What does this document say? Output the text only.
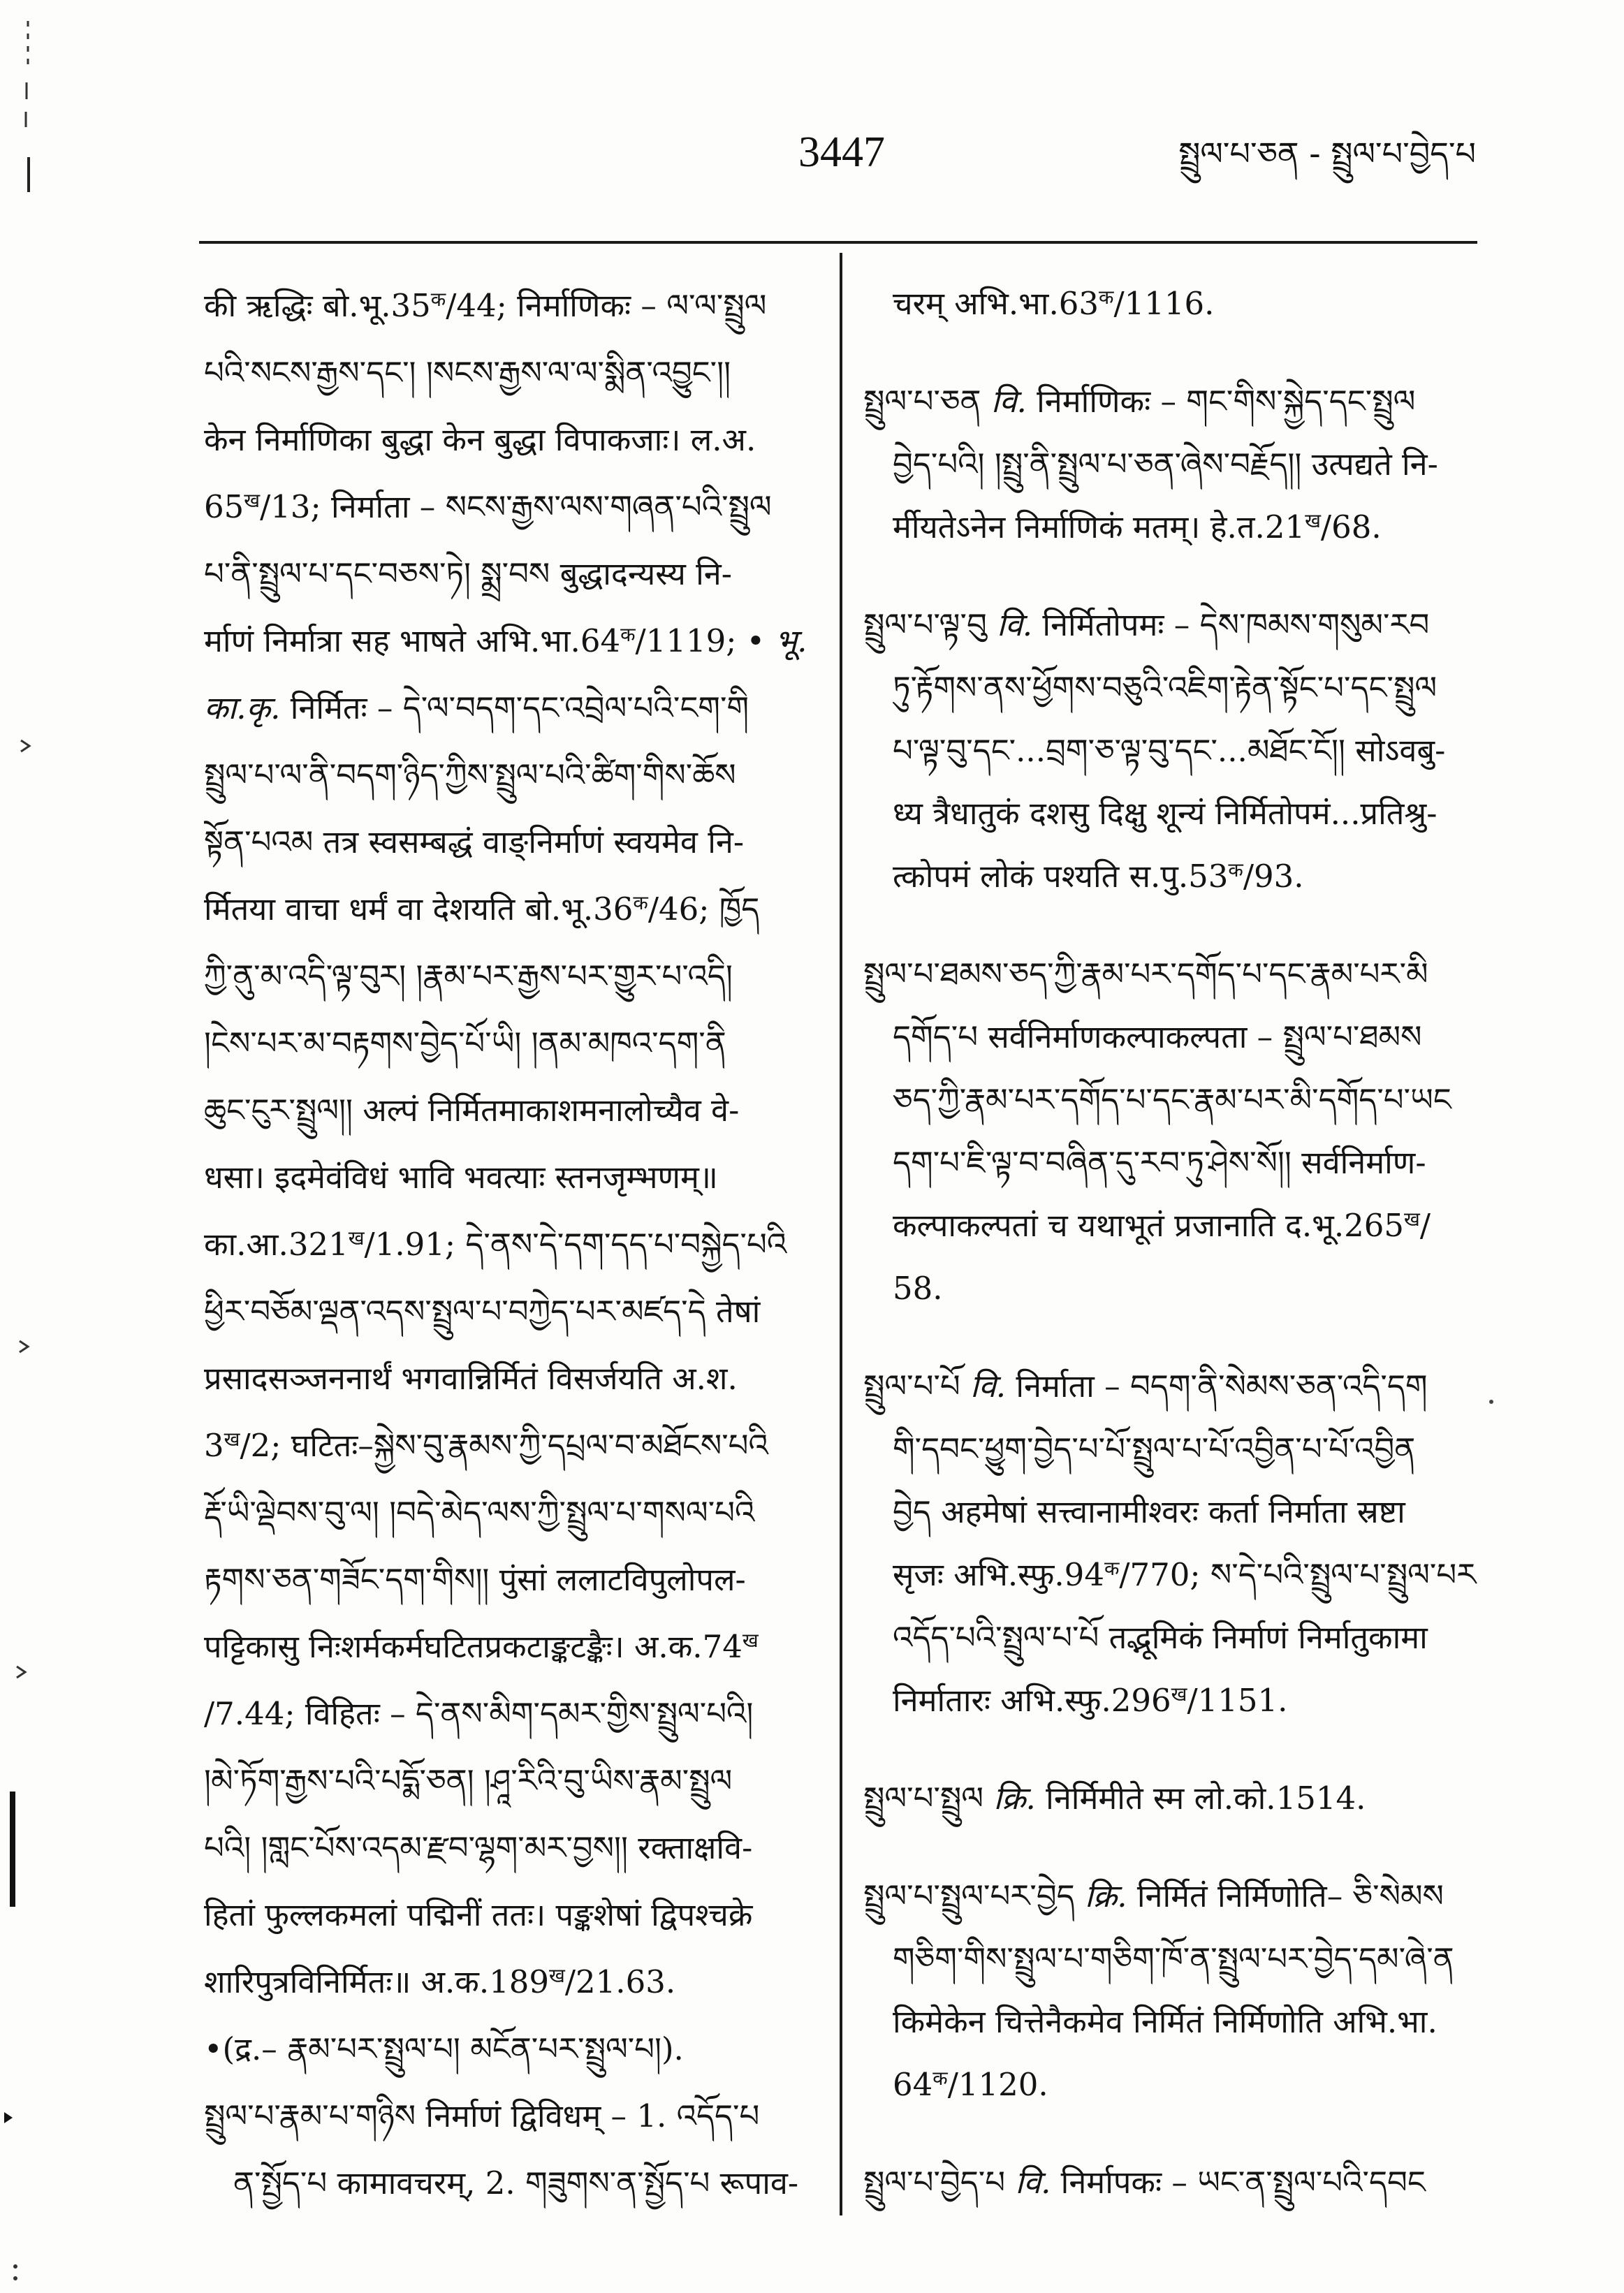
3447	སྤྲུལ་པ་ཅན - སྤྲུལ་པ་བྱེད་པ
की ऋद्धिः $बो.भू.35^क/44$; निर्माणिकः – ལ་ལ་སྤྲུལ
པའི་སངས་རྒྱས་དང་། །སངས་རྒྱས་ལ་ལ་སྨིན་འབྱུང་།།
केन निर्माणिका बुद्धा केन बुद्धा विपाकजाः। ल.अ.
$65^ख/13$; निर्माता – སངས་རྒྱས་ལས་གཞན་པའི་སྤྲུལ
པ་ནི་སྤྲུལ་པ་དང་བཅས་ཏེ། སྨྲ་བས बुद्धादन्यस्य नि-
र्माणं निर्मात्रा सह भाषते $अभि.भा.64^क/1119$; • भू.
का.कृ. निर्मितः – དེ་ལ་བདག་དང་འབྲེལ་པའི་ངག་གི
སྤྲུལ་པ་ལ་ནི་བདག་ཉིད་ཀྱིས་སྤྲུལ་པའི་ཚིག་གིས་ཆོས
སྟོན་པའམ तत्र स्वसम्बद्धं वाङ्निर्माणं स्वयमेव नि-
र्मितया वाचा धर्मं वा देशयति $बो.भू.36^क/46$; ཁྱོད
ཀྱི་ནུ་མ་འདི་ལྟ་བུར། །རྣམ་པར་རྒྱས་པར་གྱུར་པ་འདི།
།ངེས་པར་མ་བརྟགས་བྱེད་པོ་ཡི། །ནམ་མཁའ་དག་ནི
ཆུང་ངུར་སྤྲུལ།། अल्पं निर्मितमाकाशमनालोच्यैव वे-
धसा। इदमेवंविधं भावि भवत्याः स्तनजृम्भणम्॥
$का.आ.321^ख/1.91$; དེ་ནས་དེ་དག་དད་པ་བསྐྱེད་པའི
ཕྱིར་བཅོམ་ལྡན་འདས་སྤྲུལ་པ་བཀྱེད་པར་མཛད་དེ तेषां
प्रसादसञ्जननार्थं भगवान्निर्मितं विसर्जयति अ.श.
$3^ख/2$; घटितः–སྐྱེས་བུ་རྣམས་ཀྱི་དཔྲལ་བ་མཐོངས་པའི
རྡོ་ཡི་ལྡེབས་བུ་ལ། །བདེ་མེད་ལས་ཀྱི་སྤྲུལ་པ་གསལ་པའི
རྟགས་ཅན་གཟོང་དག་གིས།། पुंसां ललाटविपुलोपल-
पट्टिकासु निःशर्मकर्मघटितप्रकटाङ्कटङ्कैः। $अ.क.74^ख$
/7.44; विहितः – དེ་ནས་མིག་དམར་གྱིས་སྤྲུལ་པའི།
།མེ་ཏོག་རྒྱས་པའི་པདྨོ་ཅན། །ཤཱ་རིའི་བུ་ཡིས་རྣམ་སྤྲུལ
པའི། །གླང་པོས་འདམ་རྫབ་ལྷག་མར་བྱས།། रक्ताक्षवि-
हितां फुल्लकमलां पद्मिनीं ततः। पङ्कशेषां द्विपश्चक्रे
शारिपुत्रविनिर्मितः॥ $अ.क.189^ख/21.63$.
•(द्र.– རྣམ་པར་སྤྲུལ་པ། མངོན་པར་སྤྲུལ་པ།).
སྤྲུལ་པ་རྣམ་པ་གཉིས निर्माणं द्विविधम् – 1. འདོད་པ
ན་སྤྱོད་པ कामावचरम्, 2. གཟུགས་ན་སྤྱོད་པ रूपाव-
चरम् $अभि.भा.63^क/1116$.
སྤྲུལ་པ་ཅན वि. निर्माणिकः – གང་གིས་སྐྱེད་དང་སྤྲུལ
བྱེད་པའི། །སྤྲུ་ནི་སྤྲུལ་པ་ཅན་ཞེས་བརྗོད།། उत्पद्यते नि-
र्मीयतेऽनेन निर्माणिकं मतम्। $हे.त.21^ख/68$.
སྤྲུལ་པ་ལྟ་བུ वि. निर्मितोपमः – དེས་ཁམས་གསུམ་རབ
ཏུ་རྟོགས་ནས་ཕྱོགས་བཅུའི་འཇིག་རྟེན་སྟོང་པ་དང་སྤྲུལ
པ་ལྟ་བུ་དང་...བྲག་ཅ་ལྟ་བུ་དང་...མཐོང་ངོ།། सोऽवबु-
ध्य त्रैधातुकं दशसु दिक्षु शून्यं निर्मितोपमं...प्रतिश्रु-
त्कोपमं लोकं पश्यति $स.पु.53^क/93$.
སྤྲུལ་པ་ཐམས་ཅད་ཀྱི་རྣམ་པར་དགོད་པ་དང་རྣམ་པར་མི
དགོད་པ सर्वनिर्माणकल्पाकल्पता – སྤྲུལ་པ་ཐམས
ཅད་ཀྱི་རྣམ་པར་དགོད་པ་དང་རྣམ་པར་མི་དགོད་པ་ཡང
དག་པ་ཇི་ལྟ་བ་བཞིན་དུ་རབ་ཏུ་ཤེས་སོ།། सर्वनिर्माण-
कल्पाकल्पतां च यथाभूतं प्रजानाति $द.भू.265^ख/$
58.
སྤྲུལ་པ་པོ वि. निर्माता – བདག་ནི་སེམས་ཅན་འདི་དག
གི་དབང་ཕྱུག་བྱེད་པ་པོ་སྤྲུལ་པ་པོ་འབྱིན་པ་པོ་འབྱིན
བྱེད अहमेषां सत्त्वानामीश्वरः कर्ता निर्माता स्रष्टा
सृजः $अभि.स्फु.94^क/770$; ས་དེ་པའི་སྤྲུལ་པ་སྤྲུལ་པར
འདོད་པའི་སྤྲུལ་པ་པོ तद्भूमिकं निर्माणं निर्मातुकामा
निर्मातारः $अभि.स्फु.296^ख/1151$.
སྤྲུལ་པ་སྤྲུལ क्रि. निर्मिमीते स्म लो.को.1514.
སྤྲུལ་པ་སྤྲུལ་པར་བྱེད क्रि. निर्मितं निर्मिणोति– ཅི་སེམས
གཅིག་གིས་སྤྲུལ་པ་གཅིག་ཁོ་ན་སྤྲུལ་པར་བྱེད་དམ་ཞེ་ན
किमेकेन चित्तेनैकमेव निर्मितं निर्मिणोति अभि.भा.
$64^क/1120$.
སྤྲུལ་པ་བྱེད་པ वि. निर्मापकः – ཡང་ན་སྤྲུལ་པའི་དབང
